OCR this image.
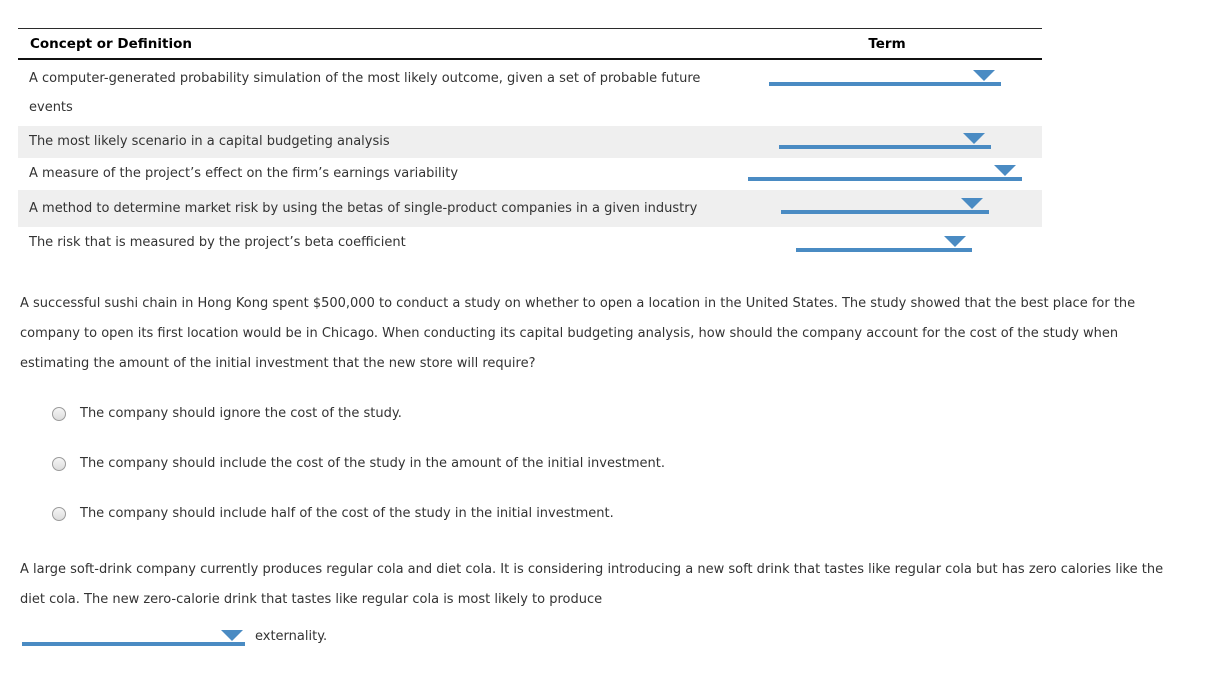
Concept or Definition	Term
A computer-generated probability simulation of the most likely outcome, given a set of probable future events
The most likely scenario in a capital budgeting analysis
A measure of the project’s effect on the firm’s earnings variability
A method to determine market risk by using the betas of single-product companies in a given industry
The risk that is measured by the project’s beta coefficient

A successful sushi chain in Hong Kong spent $500,000 to conduct a study on whether to open a location in the United States. The study showed that the best place for the company to open its first location would be in Chicago. When conducting its capital budgeting analysis, how should the company account for the cost of the study when estimating the amount of the initial investment that the new store will require?

The company should ignore the cost of the study.
The company should include the cost of the study in the amount of the initial investment.
The company should include half of the cost of the study in the initial investment.

A large soft-drink company currently produces regular cola and diet cola. It is considering introducing a new soft drink that tastes like regular cola but has zero calories like the diet cola. The new zero-calorie drink that tastes like regular cola is most likely to produce

externality.
